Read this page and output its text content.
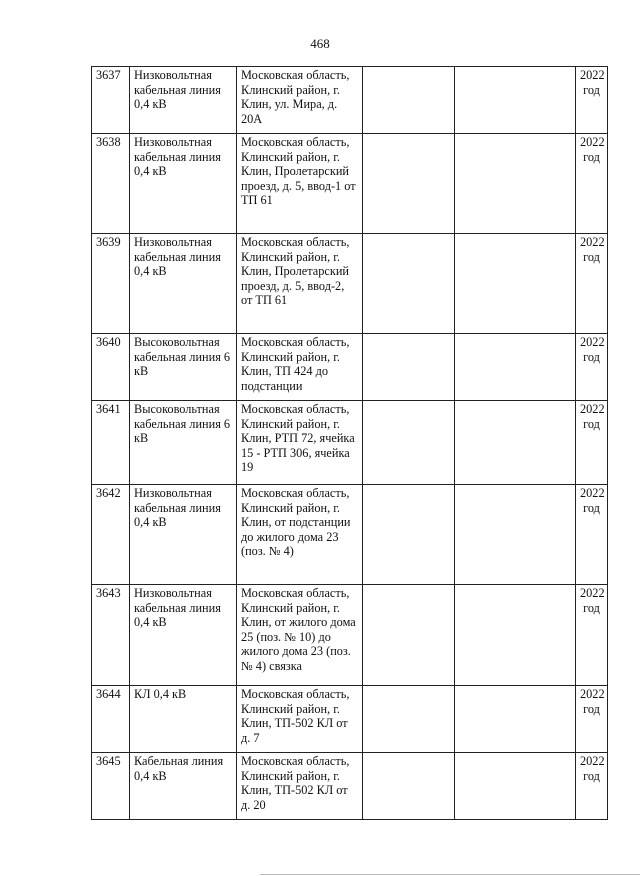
468
3637	Низковольтная кабельная линия 0,4 кВ	Московская область, Клинский район, г. Клин, ул. Мира, д. 20А			2022 год
3638	Низковольтная кабельная линия 0,4 кВ	Московская область, Клинский район, г. Клин, Пролетарский проезд, д. 5, ввод-1 от ТП 61			2022 год
3639	Низковольтная кабельная линия 0,4 кВ	Московская область, Клинский район, г. Клин, Пролетарский проезд, д. 5, ввод-2, от ТП 61			2022 год
3640	Высоковольтная кабельная линия 6 кВ	Московская область, Клинский район, г. Клин, ТП 424 до подстанции			2022 год
3641	Высоковольтная кабельная линия 6 кВ	Московская область, Клинский район, г. Клин, РТП 72, ячейка 15 - РТП 306, ячейка 19			2022 год
3642	Низковольтная кабельная линия 0,4 кВ	Московская область, Клинский район, г. Клин, от подстанции до жилого дома 23 (поз. № 4)			2022 год
3643	Низковольтная кабельная линия 0,4 кВ	Московская область, Клинский район, г. Клин, от жилого дома 25 (поз. № 10) до жилого дома 23 (поз. № 4) связка			2022 год
3644	КЛ 0,4 кВ	Московская область, Клинский район, г. Клин, ТП-502 КЛ от д. 7			2022 год
3645	Кабельная линия 0,4 кВ	Московская область, Клинский район, г. Клин, ТП-502 КЛ от д. 20			2022 год
